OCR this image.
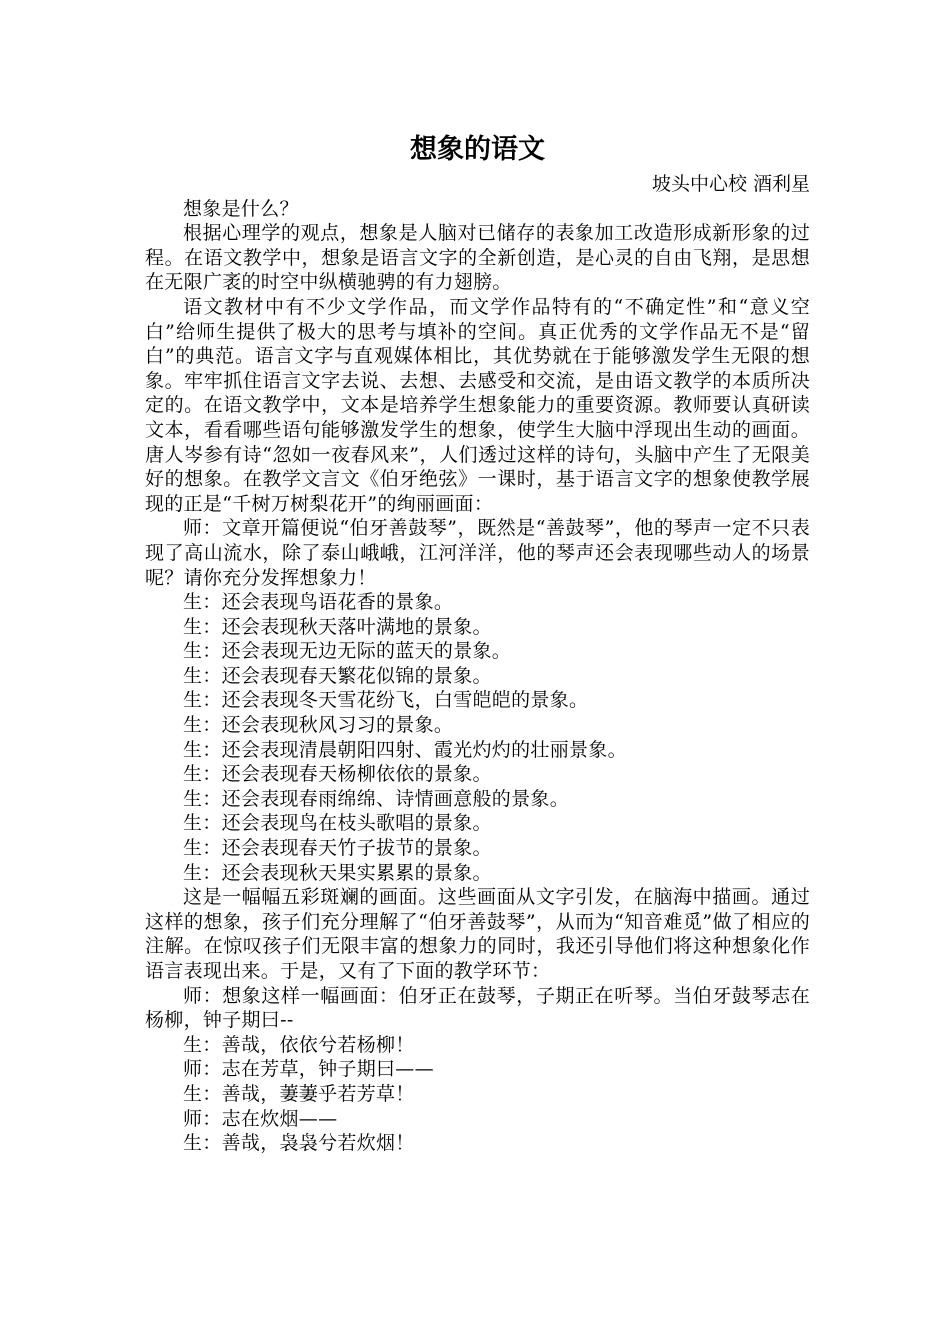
想象的语文

坡头中心校 酒利星

想象是什么？

根据心理学的观点，想象是人脑对已储存的表象加工改造形成新形象的过程。在语文教学中，想象是语言文字的全新创造，是心灵的自由飞翔，是思想在无限广袤的时空中纵横驰骋的有力翅膀。

语文教材中有不少文学作品，而文学作品特有的“不确定性”和“意义空白”给师生提供了极大的思考与填补的空间。真正优秀的文学作品无不是“留白”的典范。语言文字与直观媒体相比，其优势就在于能够激发学生无限的想象。牢牢抓住语言文字去说、去想、去感受和交流，是由语文教学的本质所决定的。在语文教学中，文本是培养学生想象能力的重要资源。教师要认真研读文本，看看哪些语句能够激发学生的想象，使学生大脑中浮现出生动的画面。唐人岑参有诗“忽如一夜春风来”，人们透过这样的诗句，头脑中产生了无限美好的想象。在教学文言文《伯牙绝弦》一课时，基于语言文字的想象使教学展现的正是“千树万树梨花开”的绚丽画面：

师：文章开篇便说“伯牙善鼓琴”，既然是“善鼓琴”，他的琴声一定不只表现了高山流水，除了泰山峨峨，江河洋洋，他的琴声还会表现哪些动人的场景呢？请你充分发挥想象力！

生：还会表现鸟语花香的景象。

生：还会表现秋天落叶满地的景象。

生：还会表现无边无际的蓝天的景象。

生：还会表现春天繁花似锦的景象。

生：还会表现冬天雪花纷飞，白雪皑皑的景象。

生：还会表现秋风习习的景象。

生：还会表现清晨朝阳四射、霞光灼灼的壮丽景象。

生：还会表现春天杨柳依依的景象。

生：还会表现春雨绵绵、诗情画意般的景象。

生：还会表现鸟在枝头歌唱的景象。

生：还会表现春天竹子拔节的景象。

生：还会表现秋天果实累累的景象。

这是一幅幅五彩斑斓的画面。这些画面从文字引发，在脑海中描画。通过这样的想象，孩子们充分理解了“伯牙善鼓琴”，从而为“知音难觅”做了相应的注解。在惊叹孩子们无限丰富的想象力的同时，我还引导他们将这种想象化作语言表现出来。于是，又有了下面的教学环节：

师：想象这样一幅画面：伯牙正在鼓琴，子期正在听琴。当伯牙鼓琴志在杨柳，钟子期曰--

生：善哉，依依兮若杨柳！

师：志在芳草，钟子期曰——

生：善哉，萋萋乎若芳草！

师：志在炊烟——

生：善哉，袅袅兮若炊烟！
